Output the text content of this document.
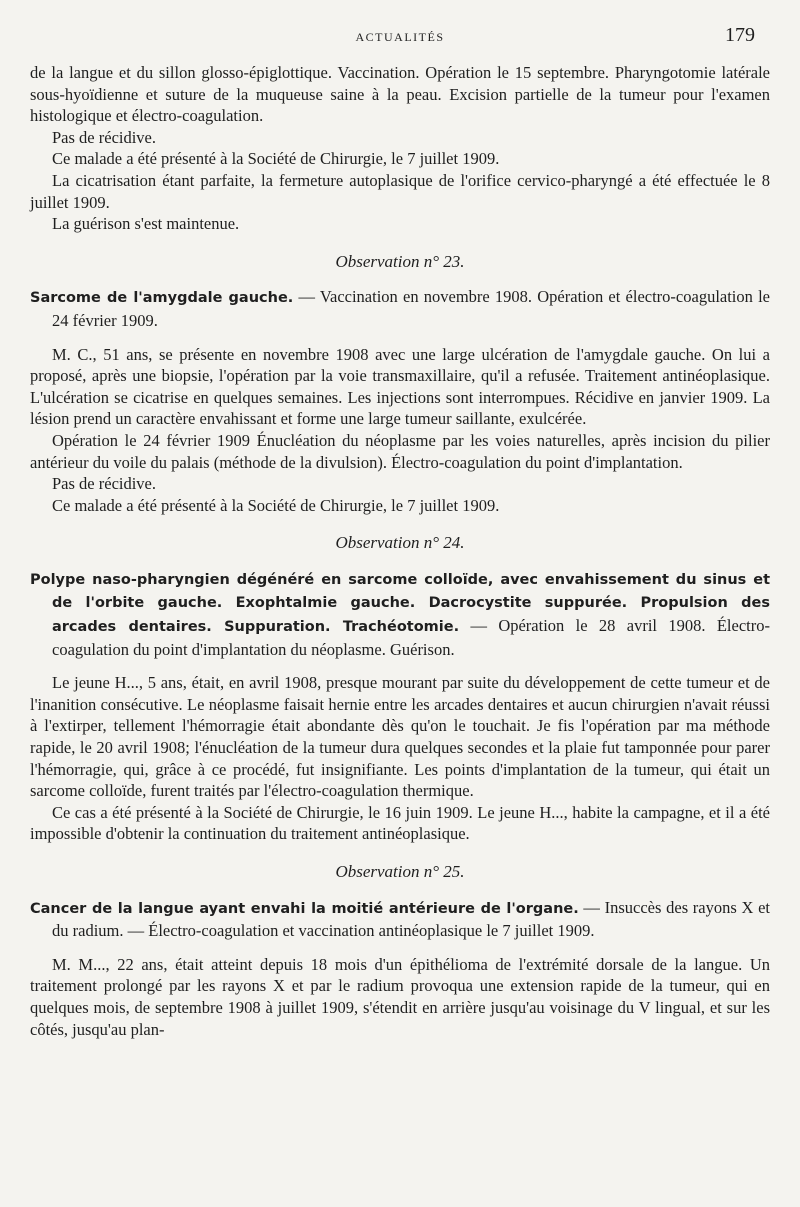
ACTUALITÉS	179

de la langue et du sillon glosso-épiglottique. Vaccination. Opération le 15 septembre. Pharyngotomie latérale sous-hyoïdienne et suture de la muqueuse saine à la peau. Excision partielle de la tumeur pour l'examen histologique et électro-coagulation.

Pas de récidive.

Ce malade a été présenté à la Société de Chirurgie, le 7 juillet 1909.

La cicatrisation étant parfaite, la fermeture autoplasique de l'orifice cervico-pharyngé a été effectuée le 8 juillet 1909.

La guérison s'est maintenue.

Observation n° 23.

Sarcome de l'amygdale gauche. — Vaccination en novembre 1908. Opération et électro-coagulation le 24 février 1909.

M. C., 51 ans, se présente en novembre 1908 avec une large ulcération de l'amygdale gauche. On lui a proposé, après une biopsie, l'opération par la voie transmaxillaire, qu'il a refusée. Traitement antinéoplasique. L'ulcération se cicatrise en quelques semaines. Les injections sont interrompues. Récidive en janvier 1909. La lésion prend un caractère envahissant et forme une large tumeur saillante, exulcérée.

Opération le 24 février 1909 Énucléation du néoplasme par les voies naturelles, après incision du pilier antérieur du voile du palais (méthode de la divulsion). Électro-coagulation du point d'implantation.

Pas de récidive.

Ce malade a été présenté à la Société de Chirurgie, le 7 juillet 1909.

Observation n° 24.

Polype naso-pharyngien dégénéré en sarcome colloïde, avec envahissement du sinus et de l'orbite gauche. Exophtalmie gauche. Dacrocystite suppurée. Propulsion des arcades dentaires. Suppuration. Trachéotomie. — Opération le 28 avril 1908. Électro-coagulation du point d'implantation du néoplasme. Guérison.

Le jeune H..., 5 ans, était, en avril 1908, presque mourant par suite du développement de cette tumeur et de l'inanition consécutive. Le néoplasme faisait hernie entre les arcades dentaires et aucun chirurgien n'avait réussi à l'extirper, tellement l'hémorragie était abondante dès qu'on le touchait. Je fis l'opération par ma méthode rapide, le 20 avril 1908; l'énucléation de la tumeur dura quelques secondes et la plaie fut tamponnée pour parer l'hémorragie, qui, grâce à ce procédé, fut insignifiante. Les points d'implantation de la tumeur, qui était un sarcome colloïde, furent traités par l'électro-coagulation thermique.

Ce cas a été présenté à la Société de Chirurgie, le 16 juin 1909. Le jeune H..., habite la campagne, et il a été impossible d'obtenir la continuation du traitement antinéoplasique.

Observation n° 25.

Cancer de la langue ayant envahi la moitié antérieure de l'organe. — Insuccès des rayons X et du radium. — Électro-coagulation et vaccination antinéoplasique le 7 juillet 1909.

M. M..., 22 ans, était atteint depuis 18 mois d'un épithélioma de l'extrémité dorsale de la langue. Un traitement prolongé par les rayons X et par le radium provoqua une extension rapide de la tumeur, qui en quelques mois, de septembre 1908 à juillet 1909, s'étendit en arrière jusqu'au voisinage du V lingual, et sur les côtés, jusqu'au plan-
